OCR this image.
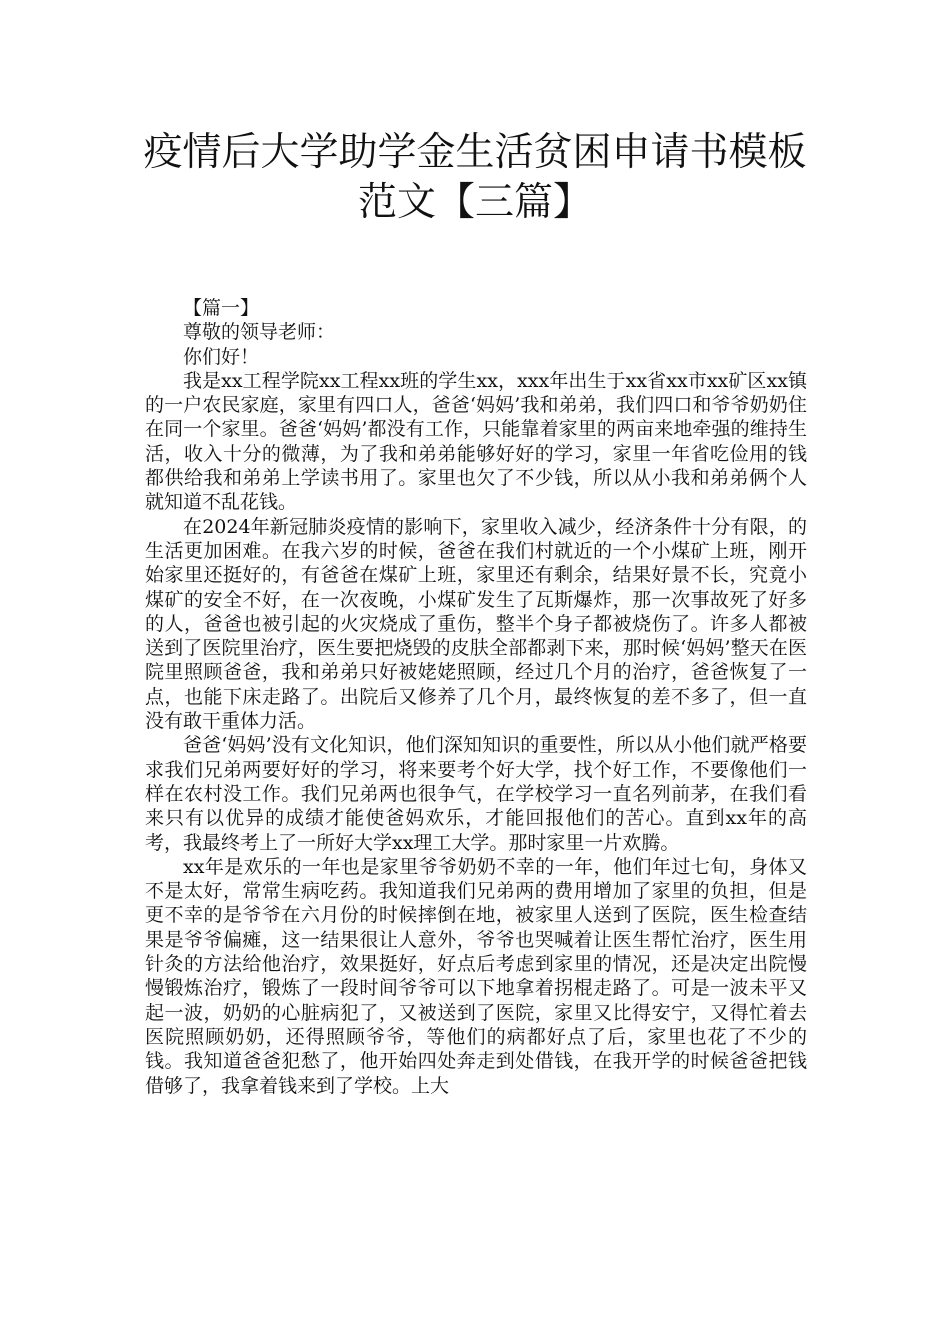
疫情后大学助学金生活贫困申请书模板
范文【三篇】

【篇一】

尊敬的领导老师：

你们好！

我是xx工程学院xx工程xx班的学生xx，xxx年出生于xx省xx市xx矿区xx镇的一户农民家庭，家里有四口人，爸爸‘妈妈’我和弟弟，我们四口和爷爷奶奶住在同一个家里。爸爸‘妈妈’都没有工作，只能靠着家里的两亩来地牵强的维持生活，收入十分的微薄，为了我和弟弟能够好好的学习，家里一年省吃俭用的钱都供给我和弟弟上学读书用了。家里也欠了不少钱，所以从小我和弟弟俩个人就知道不乱花钱。

在2024年新冠肺炎疫情的影响下，家里收入减少，经济条件十分有限，的生活更加困难。在我六岁的时候，爸爸在我们村就近的一个小煤矿上班，刚开始家里还挺好的，有爸爸在煤矿上班，家里还有剩余，结果好景不长，究竟小煤矿的安全不好，在一次夜晚，小煤矿发生了瓦斯爆炸，那一次事故死了好多的人，爸爸也被引起的火灾烧成了重伤，整半个身子都被烧伤了。许多人都被送到了医院里治疗，医生要把烧毁的皮肤全部都剥下来，那时候‘妈妈’整天在医院里照顾爸爸，我和弟弟只好被姥姥照顾，经过几个月的治疗，爸爸恢复了一点，也能下床走路了。出院后又修养了几个月，最终恢复的差不多了，但一直没有敢干重体力活。

爸爸‘妈妈’没有文化知识，他们深知知识的重要性，所以从小他们就严格要求我们兄弟两要好好的学习，将来要考个好大学，找个好工作，不要像他们一样在农村没工作。我们兄弟两也很争气，在学校学习一直名列前茅，在我们看来只有以优异的成绩才能使爸妈欢乐，才能回报他们的苦心。直到xx年的高考，我最终考上了一所好大学xx理工大学。那时家里一片欢腾。

xx年是欢乐的一年也是家里爷爷奶奶不幸的一年，他们年过七旬，身体又不是太好，常常生病吃药。我知道我们兄弟两的费用增加了家里的负担，但是更不幸的是爷爷在六月份的时候摔倒在地，被家里人送到了医院，医生检查结果是爷爷偏瘫，这一结果很让人意外，爷爷也哭喊着让医生帮忙治疗，医生用针灸的方法给他治疗，效果挺好，好点后考虑到家里的情况，还是决定出院慢慢锻炼治疗，锻炼了一段时间爷爷可以下地拿着拐棍走路了。可是一波未平又起一波，奶奶的心脏病犯了，又被送到了医院，家里又比得安宁，又得忙着去医院照顾奶奶，还得照顾爷爷，等他们的病都好点了后，家里也花了不少的钱。我知道爸爸犯愁了，他开始四处奔走到处借钱，在我开学的时候爸爸把钱借够了，我拿着钱来到了学校。上大
